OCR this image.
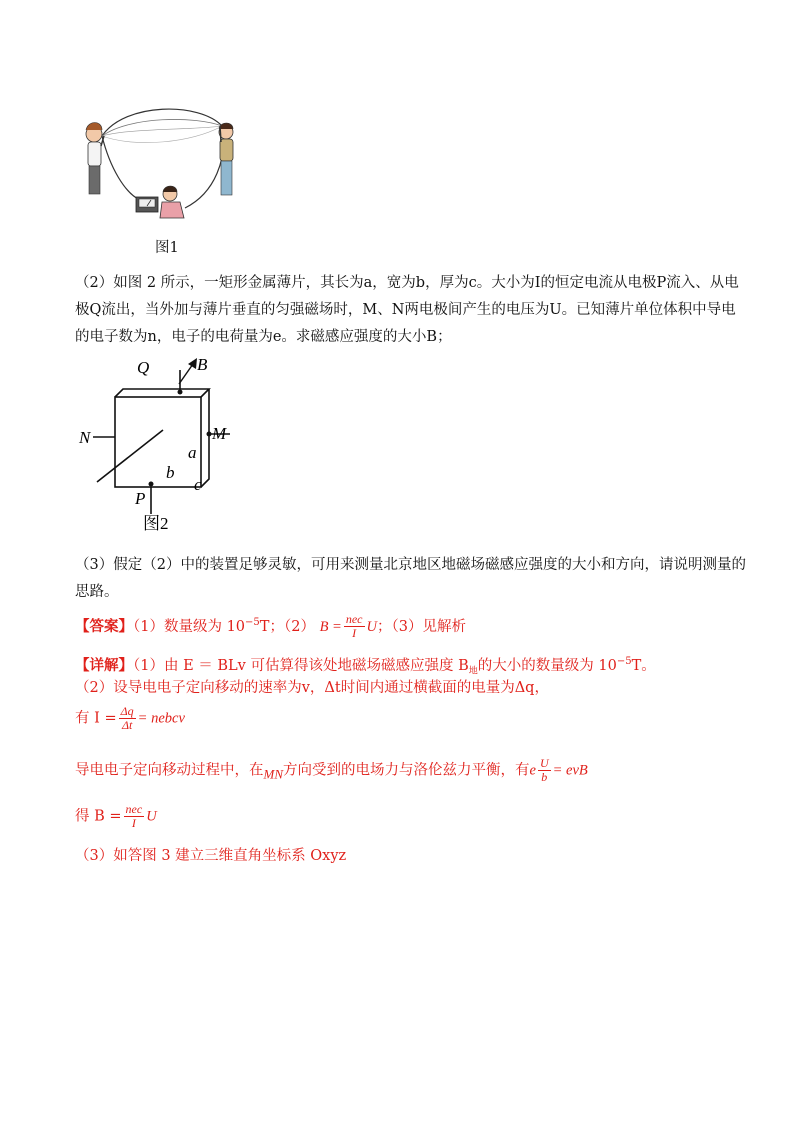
图1
（2）如图 2 所示，一矩形金属薄片，其长为a，宽为b，厚为c。大小为I的恒定电流从电极P流入、从电
极Q流出，当外加与薄片垂直的匀强磁场时，M、N两电极间产生的电压为U。已知薄片单位体积中导电
的电子数为n，电子的电荷量为e。求磁感应强度的大小B；
Q	B
N	M
a
b
c
P
图2
（3）假定（2）中的装置足够灵敏，可用来测量北京地区地磁场磁感应强度的大小和方向，请说明测量的
思路。
【答案】（1）数量级为 $10^{-5}T$；（2） $B = \frac{\text{nec}}{I}$ U；（3）见解析
【详解】（1）由 E ＝ BLv 可估算得该处地磁场磁感应强度 $B_地$的大小的数量级为 $10^{-5}T$。
（2）设导电电子定向移动的速率为v，Δt时间内通过横截面的电量为Δq，
有 $I = \frac{\Delta q}{\Delta t}$ = nebcv
导电电子定向移动过程中，在MN方向受到的电场力与洛伦兹力平衡，有e $\frac{U}{b}$ = evB
得 $B = \frac{\text{nec}}{I}$ U
（3）如答图 3 建立三维直角坐标系 Oxyz
